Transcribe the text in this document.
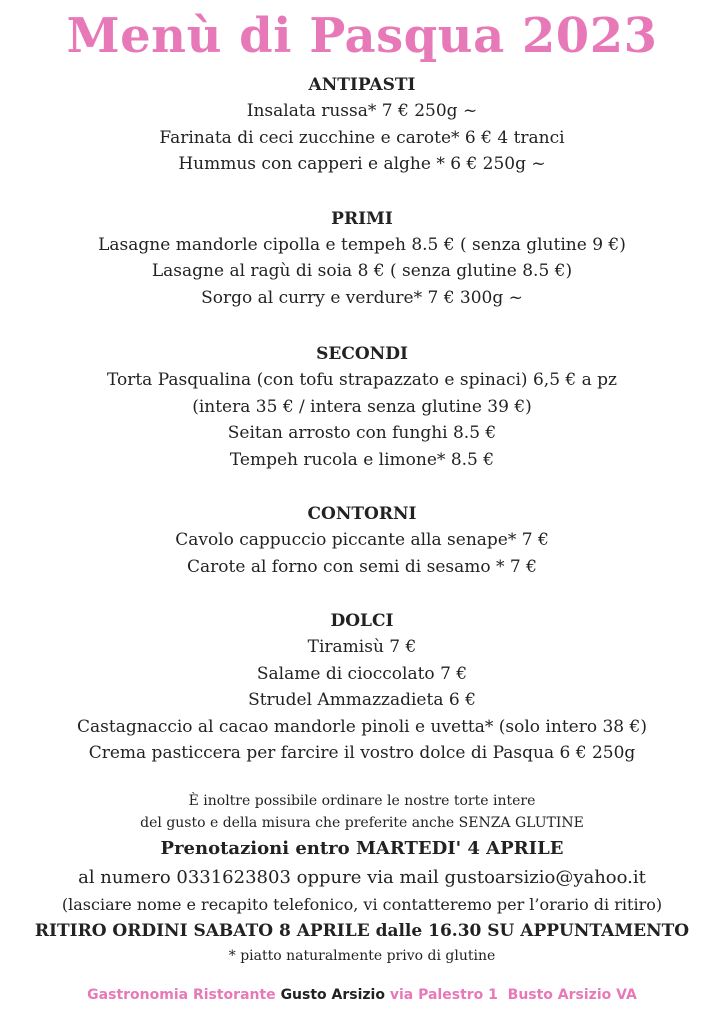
Menù di Pasqua 2023
ANTIPASTI
Insalata russa* 7 € 250g ~
Farinata di ceci zucchine e carote* 6 € 4 tranci
Hummus con capperi e alghe * 6 € 250g ~
PRIMI
Lasagne mandorle cipolla e tempeh 8.5 € ( senza glutine 9 €)
Lasagne al ragù di soia 8 € ( senza glutine 8.5 €)
Sorgo al curry e verdure* 7 € 300g ~
SECONDI
Torta Pasqualina (con tofu strapazzato e spinaci) 6,5 € a pz
(intera 35 € / intera senza glutine 39 €)
Seitan arrosto con funghi 8.5 €
Tempeh rucola e limone* 8.5 €
CONTORNI
Cavolo cappuccio piccante alla senape* 7 €
Carote al forno con semi di sesamo * 7 €
DOLCI
Tiramisù 7 €
Salame di cioccolato 7 €
Strudel Ammazzadieta 6 €
Castagnaccio al cacao mandorle pinoli e uvetta* (solo intero 38 €)
Crema pasticcera per farcire il vostro dolce di Pasqua 6 € 250g
È inoltre possibile ordinare le nostre torte intere
del gusto e della misura che preferite anche SENZA GLUTINE
Prenotazioni entro MARTEDI' 4 APRILE
al numero 0331623803 oppure via mail gustoarsizio@yahoo.it
(lasciare nome e recapito telefonico, vi contatteremo per l’orario di ritiro)
RITIRO ORDINI SABATO 8 APRILE dalle 16.30 SU APPUNTAMENTO
* piatto naturalmente privo di glutine
Gastronomia Ristorante Gusto Arsizio via Palestro 1  Busto Arsizio VA
